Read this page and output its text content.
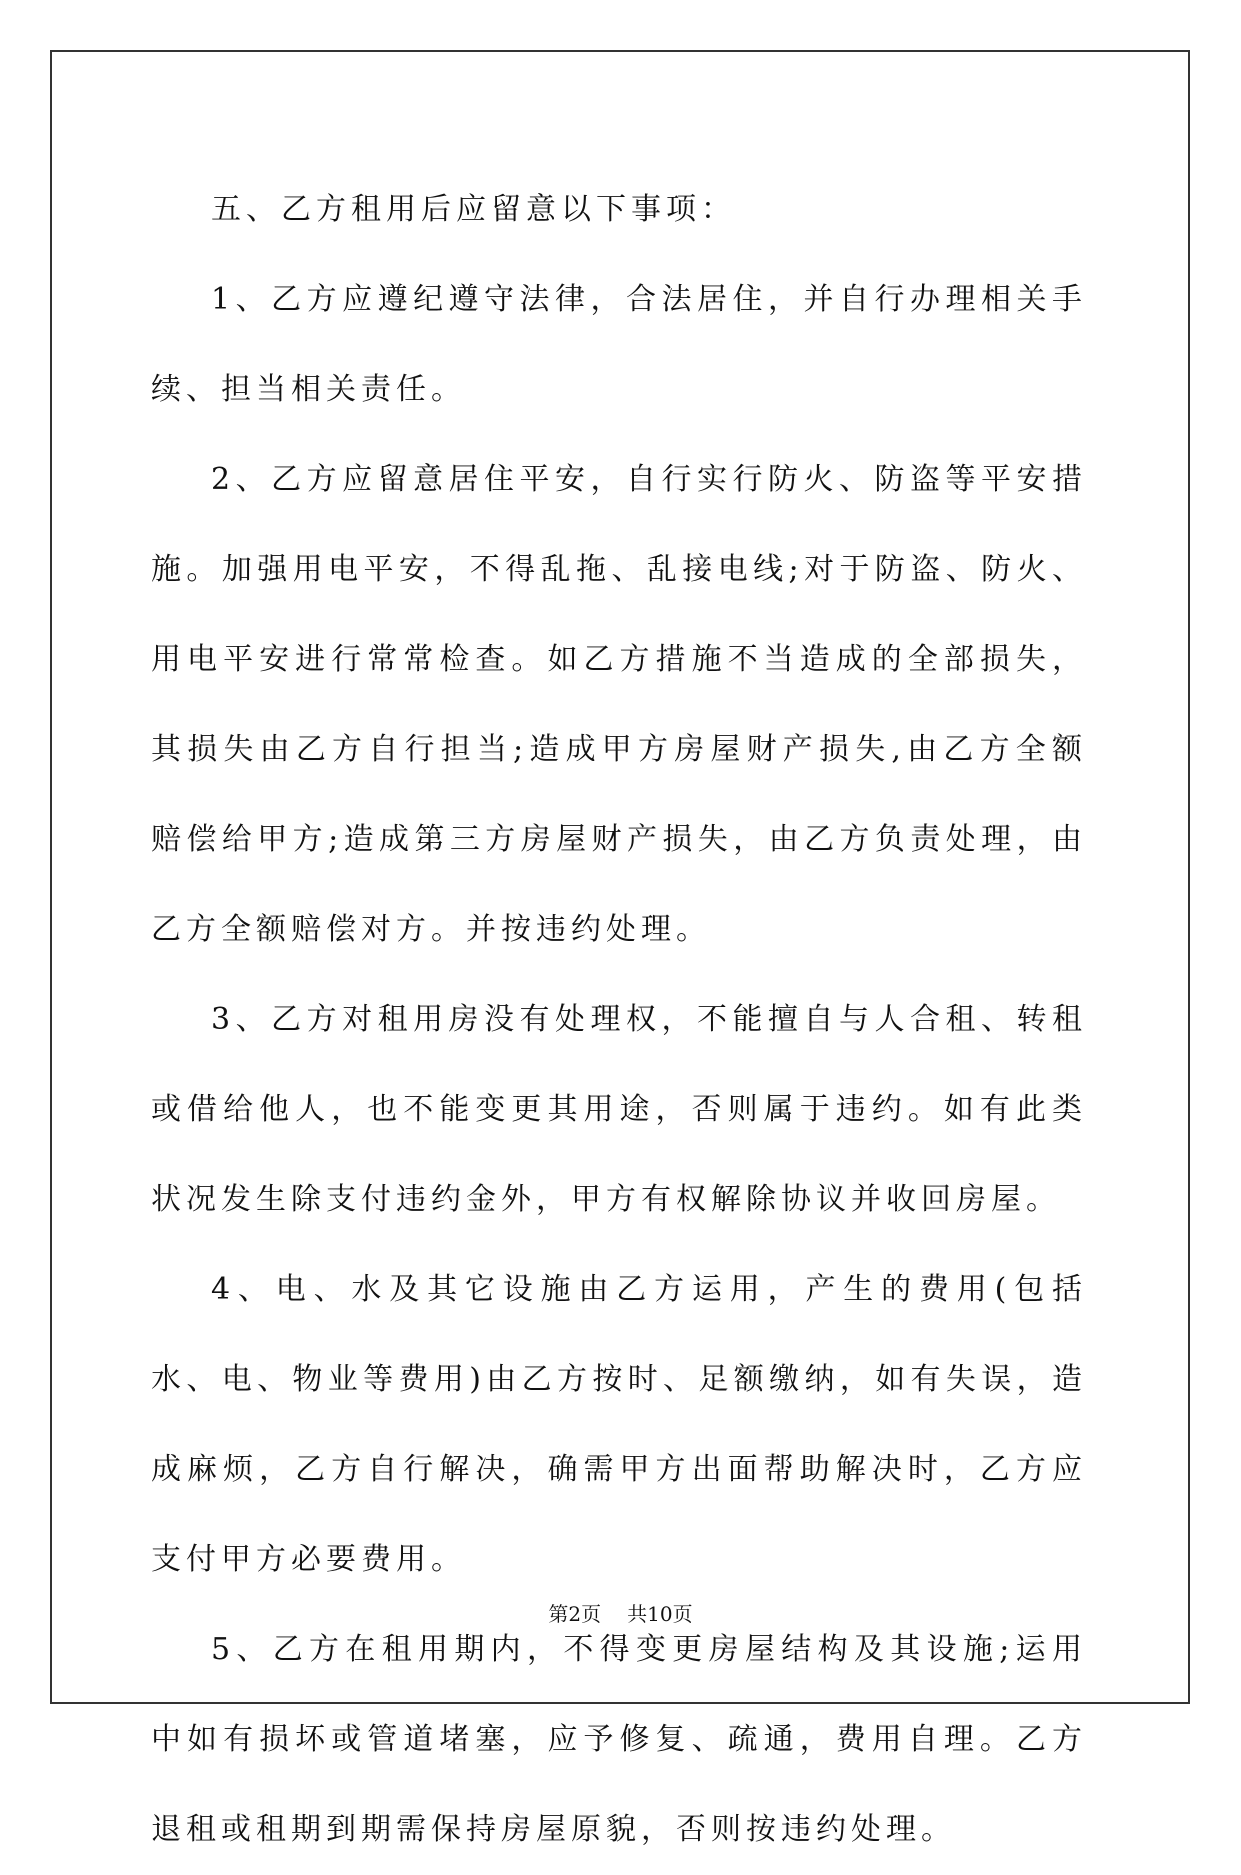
五、乙方租用后应留意以下事项：

1、乙方应遵纪遵守法律，合法居住，并自行办理相关手续、担当相关责任。

2、乙方应留意居住平安，自行实行防火、防盗等平安措施。加强用电平安，不得乱拖、乱接电线;对于防盗、防火、用电平安进行常常检查。如乙方措施不当造成的全部损失，其损失由乙方自行担当;造成甲方房屋财产损失,由乙方全额赔偿给甲方;造成第三方房屋财产损失，由乙方负责处理，由乙方全额赔偿对方。并按违约处理。

3、乙方对租用房没有处理权，不能擅自与人合租、转租或借给他人，也不能变更其用途，否则属于违约。如有此类状况发生除支付违约金外，甲方有权解除协议并收回房屋。

4、电、水及其它设施由乙方运用，产生的费用(包括水、电、物业等费用)由乙方按时、足额缴纳，如有失误，造成麻烦，乙方自行解决，确需甲方出面帮助解决时，乙方应支付甲方必要费用。

5、乙方在租用期内，不得变更房屋结构及其设施;运用中如有损坏或管道堵塞，应予修复、疏通，费用自理。乙方退租或租期到期需保持房屋原貌，否则按违约处理。

第2页 共10页
